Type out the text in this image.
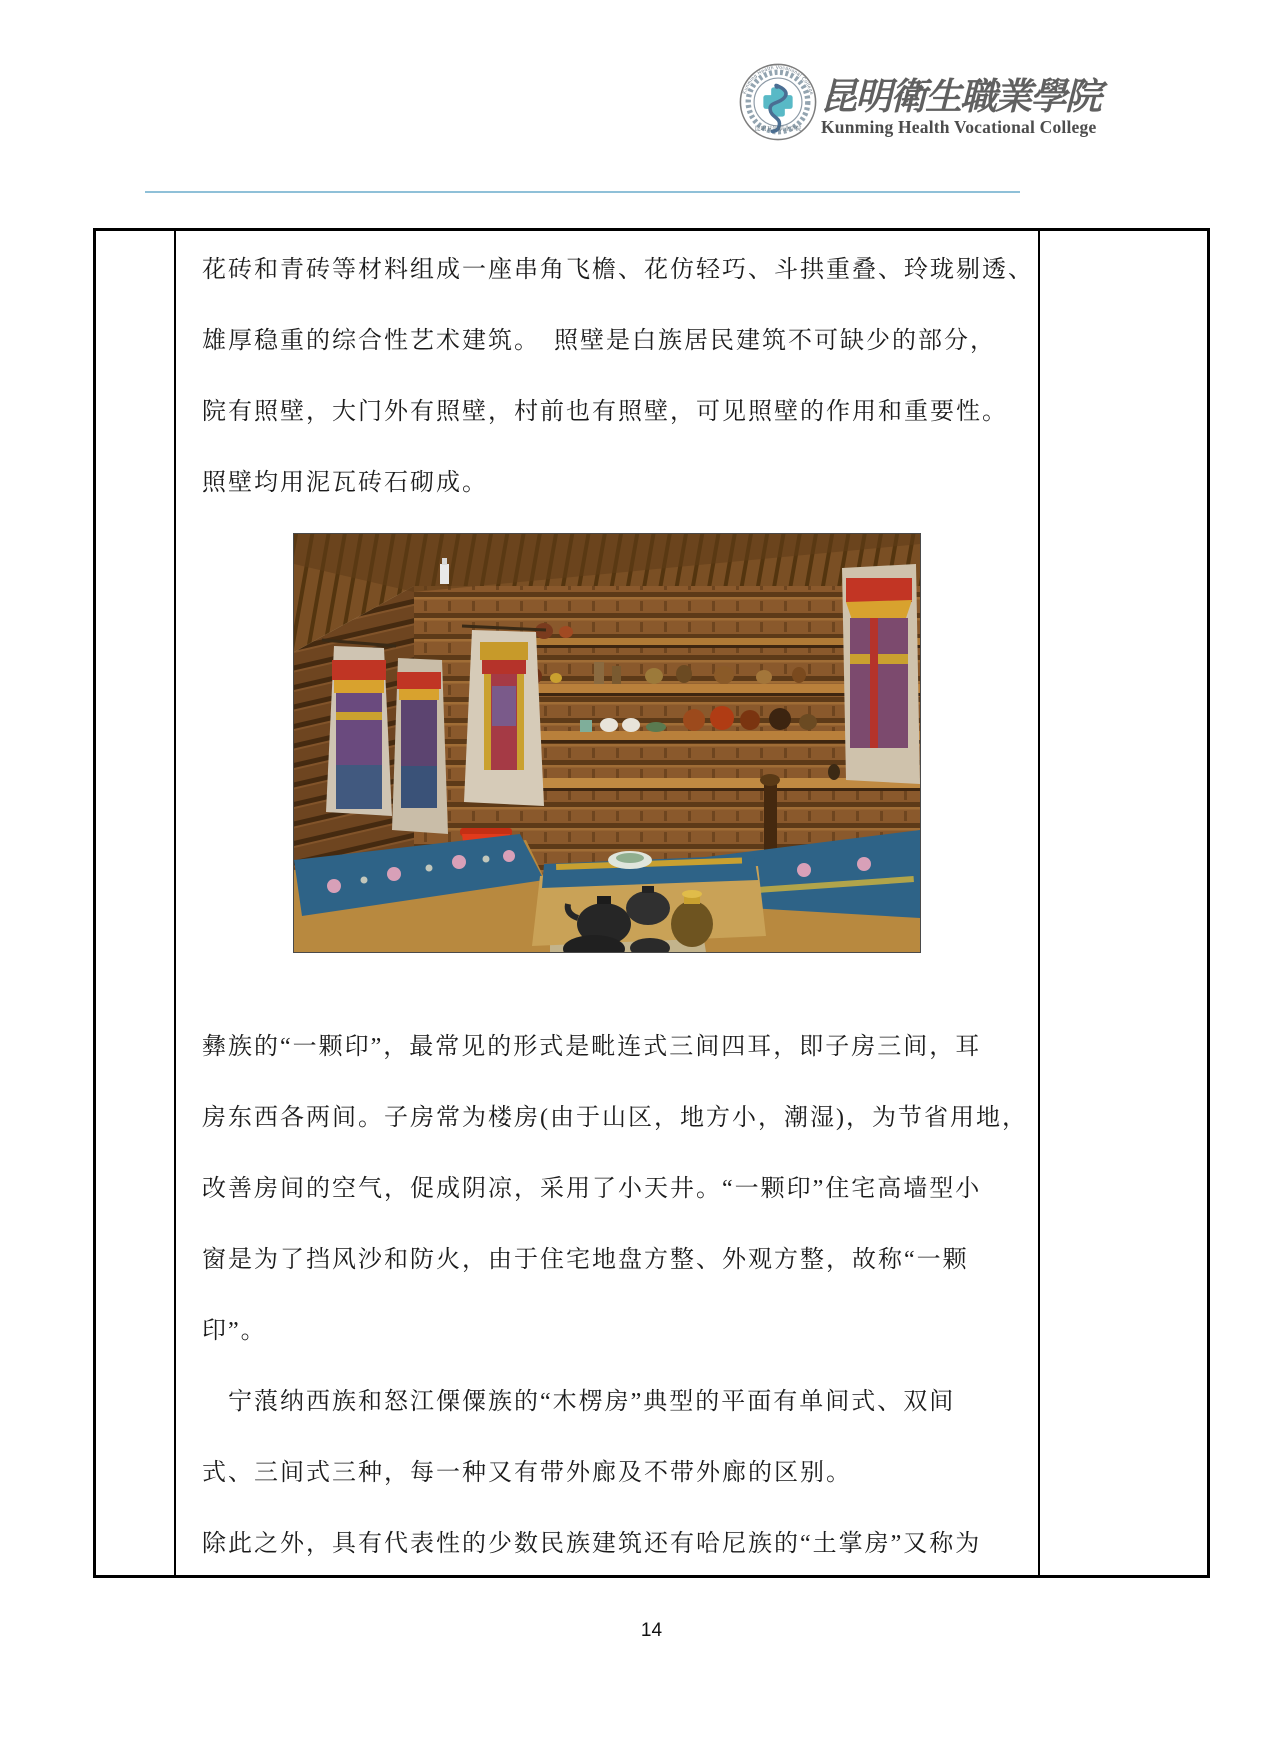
Kunming Health Vocational College
昆明卫生职业学院
昆明衛生職業學院
Kunming Health Vocational College
花砖和青砖等材料组成一座串角飞檐、花仿轻巧、斗拱重叠、玲珑剔透、
雄厚稳重的综合性艺术建筑。　照壁是白族居民建筑不可缺少的部分，
院有照壁，大门外有照壁，村前也有照壁，可见照壁的作用和重要性。
照壁均用泥瓦砖石砌成。
彝族的“一颗印”，最常见的形式是毗连式三间四耳，即子房三间，耳
房东西各两间。子房常为楼房(由于山区，地方小，潮湿)，为节省用地，
改善房间的空气，促成阴凉，采用了小天井。“一颗印”住宅高墙型小
窗是为了挡风沙和防火，由于住宅地盘方整、外观方整，故称“一颗
印”。
　宁蒗纳西族和怒江傈僳族的“木楞房”典型的平面有单间式、双间
式、三间式三种，每一种又有带外廊及不带外廊的区别。
除此之外，具有代表性的少数民族建筑还有哈尼族的“土掌房”又称为
14
